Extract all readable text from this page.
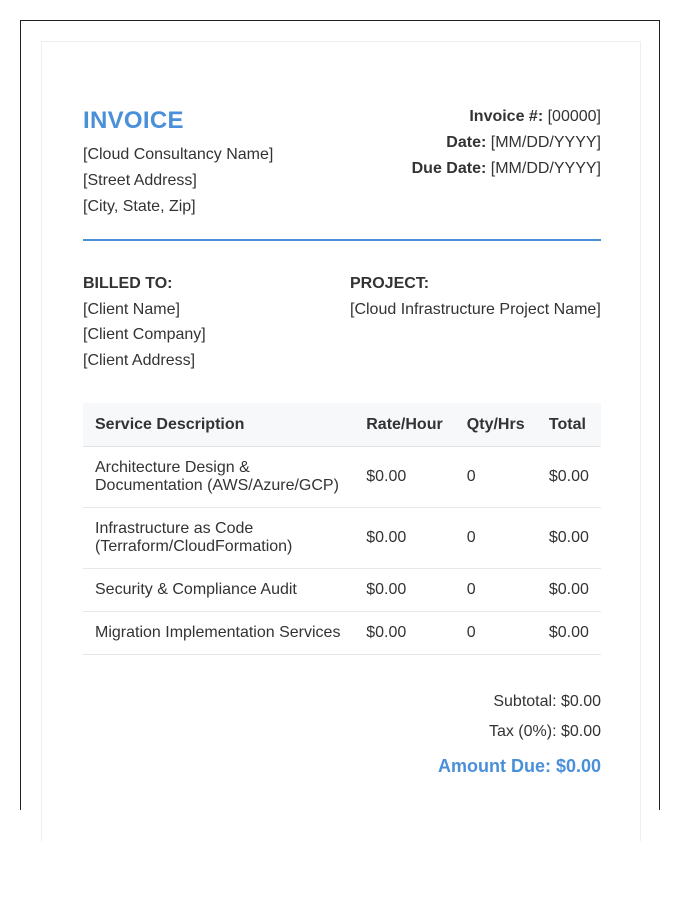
INVOICE
[Cloud Consultancy Name]
[Street Address]
[City, State, Zip]
Invoice #: [00000]
Date: [MM/DD/YYYY]
Due Date: [MM/DD/YYYY]
BILLED TO:
[Client Name]
[Client Company]
[Client Address]
PROJECT:
[Cloud Infrastructure Project Name]
Service Description	Rate/Hour	Qty/Hrs	Total

Architecture Design &
Documentation (AWS/Azure/GCP)	$0.00	0	$0.00

Infrastructure as Code
(Terraform/CloudFormation)	$0.00	0	$0.00
Security & Compliance Audit	$0.00	0	$0.00
Migration Implementation Services	$0.00	0	$0.00
Subtotal: $0.00
Tax (0%): $0.00
Amount Due: $0.00
